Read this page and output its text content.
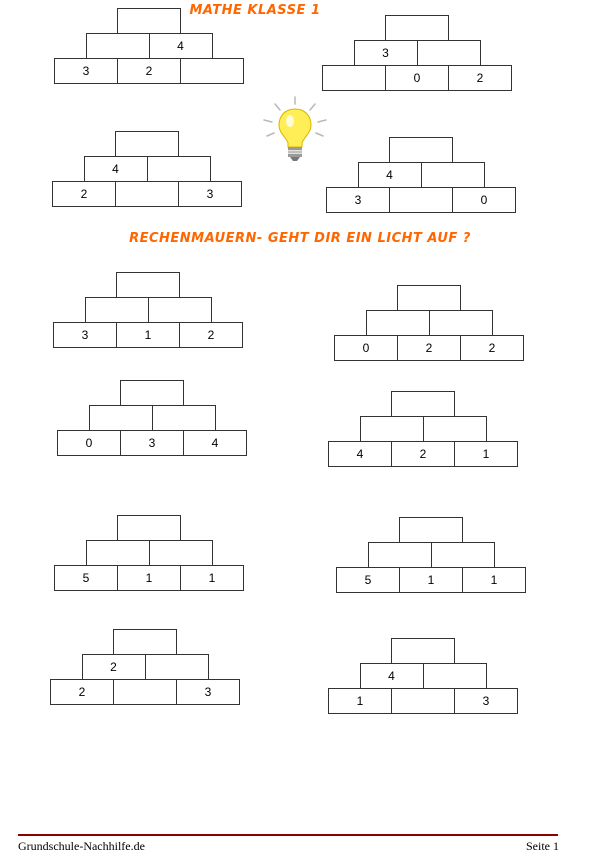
MATHE KLASSE 1
4
3	2
3
0	2
4
2	3
4
3	0
RECHENMAUERN- GEHT DIR EIN LICHT AUF ?
3	1	2
0	2	2
0	3	4
4	2	1
5	1	1	5	1	1
2
2	3
4
1	3
Grundschule-Nachhilfe.de	Seite 1
